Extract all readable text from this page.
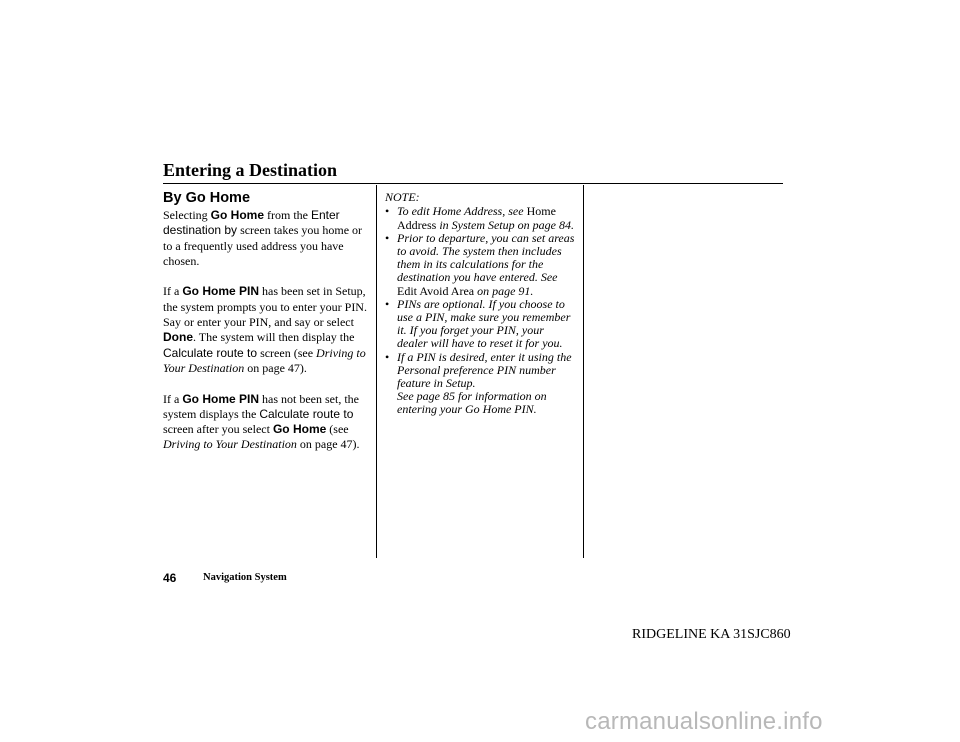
Entering a Destination
By Go Home

Selecting Go Home from the Enter destination by screen takes you home or to a frequently used address you have chosen.

If a Go Home PIN has been set in Setup, the system prompts you to enter your PIN. Say or enter your PIN, and say or select Done. The system will then display the Calculate route to screen (see Driving to Your Destination on page 47).

If a Go Home PIN has not been set, the system displays the Calculate route to screen after you select Go Home (see Driving to Your Destination on page 47).

NOTE:
• To edit Home Address, see Home Address in System Setup on page 84.
• Prior to departure, you can set areas to avoid. The system then includes them in its calculations for the destination you have entered. See Edit Avoid Area on page 91.
• PINs are optional. If you choose to use a PIN, make sure you remember it. If you forget your PIN, your dealer will have to reset it for you.
• If a PIN is desired, enter it using the Personal preference PIN number feature in Setup.
See page 85 for information on entering your Go Home PIN.
46	Navigation System
RIDGELINE KA 31SJC860
carmanualsonline.info
